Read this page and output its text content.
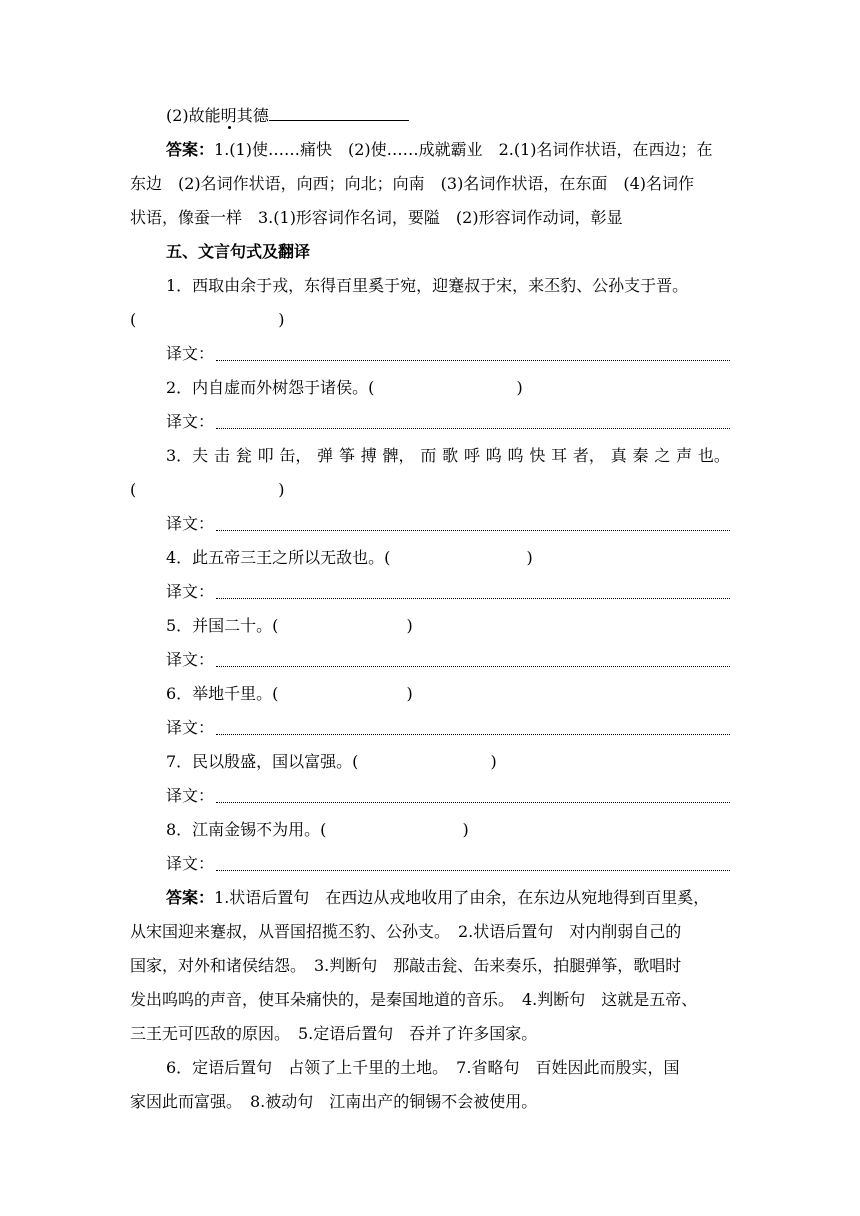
(2)故能明其德
答案：1.(1)使……痛快　(2)使……成就霸业　2.(1)名词作状语，在西边；在
东边　(2)名词作状语，向西；向北；向南　(3)名词作状语，在东面　(4)名词作
状语，像蚕一样　3.(1)形容词作名词，要隘　(2)形容词作动词，彰显
五、文言句式及翻译
1．西取由余于戎，东得百里奚于宛，迎蹇叔于宋，来丕豹、公孙支于晋。
(	)
译文：
2．内自虚而外树怨于诸侯。(	)
译文：
3．夫 击 瓮 叩 缶， 弹 筝 搏 髀， 而 歌 呼 呜 呜 快 耳 者， 真 秦 之 声 也。
(	)
译文：
4．此五帝三王之所以无敌也。(	)
译文：
5．并国二十。(	)
译文：
6．举地千里。(	)
译文：
7．民以殷盛，国以富强。(	)
译文：
8．江南金锡不为用。(	)
译文：
答案：1.状语后置句　在西边从戎地收用了由余，在东边从宛地得到百里奚，
从宋国迎来蹇叔，从晋国招揽丕豹、公孙支。　2.状语后置句　对内削弱自己的
国家，对外和诸侯结怨。　3.判断句　那敲击瓮、缶来奏乐，拍腿弹筝，歌唱时
发出呜呜的声音，使耳朵痛快的，是秦国地道的音乐。　4.判断句　这就是五帝、
三王无可匹敌的原因。　5.定语后置句　吞并了许多国家。
6．定语后置句　占领了上千里的土地。　7.省略句　百姓因此而殷实，国
家因此而富强。　8.被动句　江南出产的铜锡不会被使用。
